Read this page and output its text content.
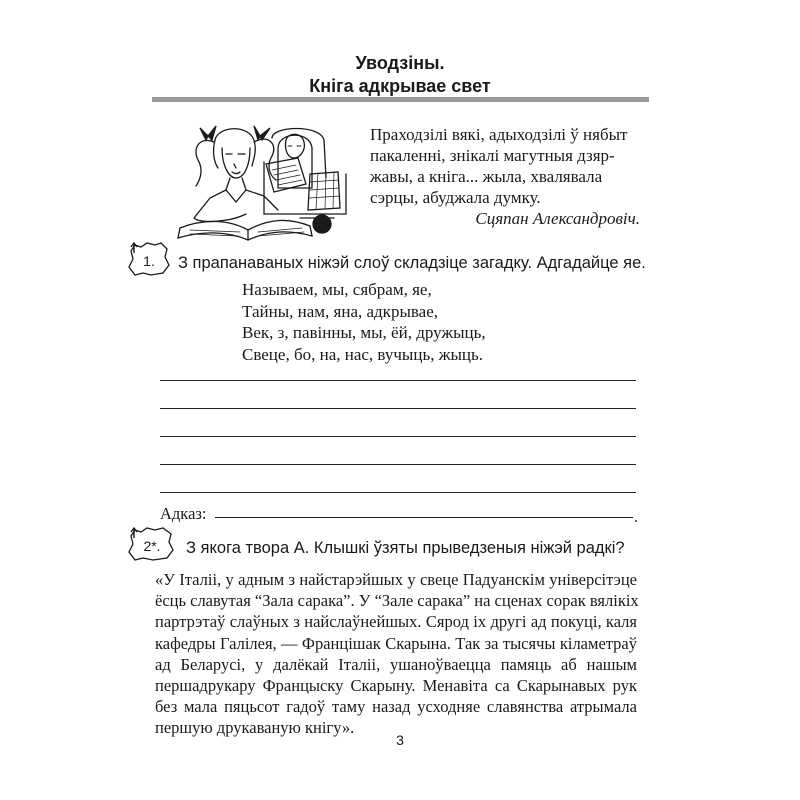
Уводзіны.
Кніга адкрывае свет
Праходзілі вякі, адыходзілі ў нябыт
пакаленні, знікалі магутныя дзяр-
жавы, а кніга... жыла, хвалявала
сэрцы, абуджала думку.
Сцяпан Александровіч.
1. З прапанаваных ніжэй слоў складзіце загадку. Адгадайце яе.
Называем, мы, сябрам, яе,
Тайны, нам, яна, адкрывае,
Век, з, павінны, мы, ёй, дружыць,
Свеце, бо, на, нас, вучыць, жыць.
Адказ:	.
2*. З якога твора А. Клышкі ўзяты прыведзеныя ніжэй радкі?
«У Італіі, у адным з найстарэйшых у свеце Падуанскім універсітэце
ёсць славутая “Зала сарака”. У “Зале сарака” на сценах сорак вялікіх
партрэтаў слаўных з найслаўнейшых. Сярод іх другі ад покуці, каля
кафедры Галілея, — Францішак Скарына. Так за тысячы кіламетраў
ад Беларусі, у далёкай Італіі, ушаноўваецца памяць аб нашым
першадрукару Францыску Скарыну. Менавіта са Скарынавых рук
без мала пяцьсот гадоў таму назад усходняе славянства атрымала
першую друкаваную кнігу».
3
